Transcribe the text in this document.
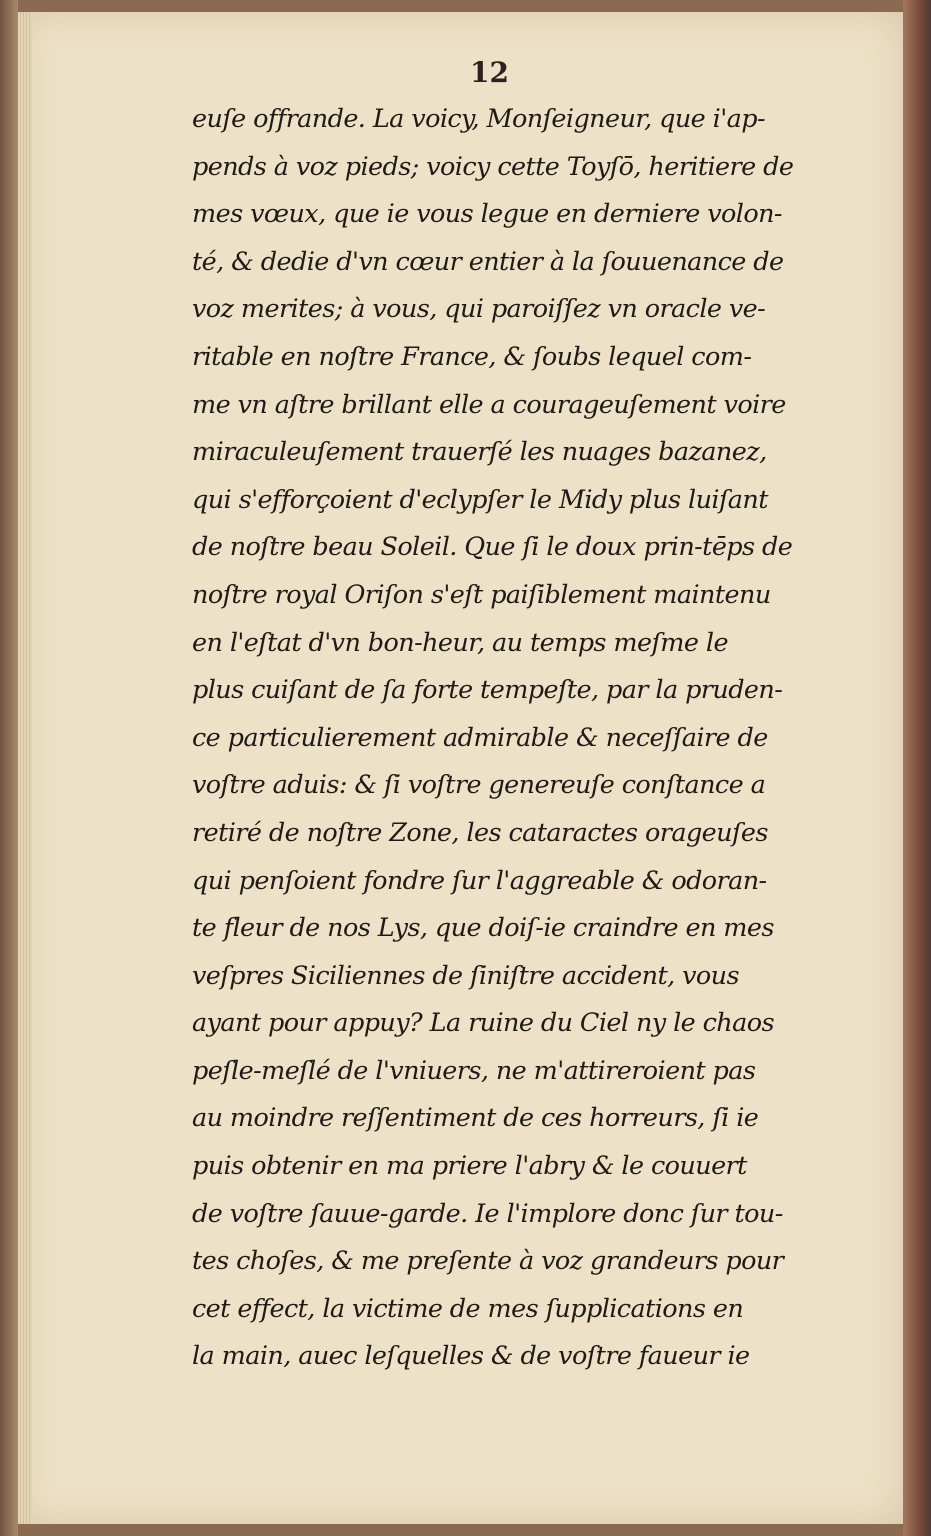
12
euſe offrande. La voicy, Monſeigneur, que i'ap-
pends à voz pieds; voicy cette Toyſō, heritiere de
mes vœux, que ie vous legue en derniere volon-
té, & dedie d'vn cœur entier à la ſouuenance de
voz merites; à vous, qui paroiſſez vn oracle ve-
ritable en noſtre France, & ſoubs lequel com-
me vn aſtre brillant elle a courageuſement voire
miraculeuſement trauerſé les nuages bazanez,
qui s'efforçoient d'eclypſer le Midy plus luiſant
de noſtre beau Soleil. Que ſi le doux prin-tēps de
noſtre royal Oriſon s'eſt paiſiblement maintenu
en l'eſtat d'vn bon-heur, au temps meſme le
plus cuiſant de ſa forte tempeſte, par la pruden-
ce particulierement admirable & neceſſaire de
voſtre aduis: & ſi voſtre genereuſe conſtance a
retiré de noſtre Zone, les cataractes orageuſes
qui penſoient fondre ſur l'aggreable & odoran-
te fleur de nos Lys, que doiſ-ie craindre en mes
veſpres Siciliennes de ſiniſtre accident, vous
ayant pour appuy? La ruine du Ciel ny le chaos
peſle-meſlé de l'vniuers, ne m'attireroient pas
au moindre reſſentiment de ces horreurs, ſi ie
puis obtenir en ma priere l'abry & le couuert
de voſtre ſauue-garde. Ie l'implore donc ſur tou-
tes choſes, & me preſente à voz grandeurs pour
cet effect, la victime de mes ſupplications en
la main, auec leſquelles & de voſtre faueur ie
